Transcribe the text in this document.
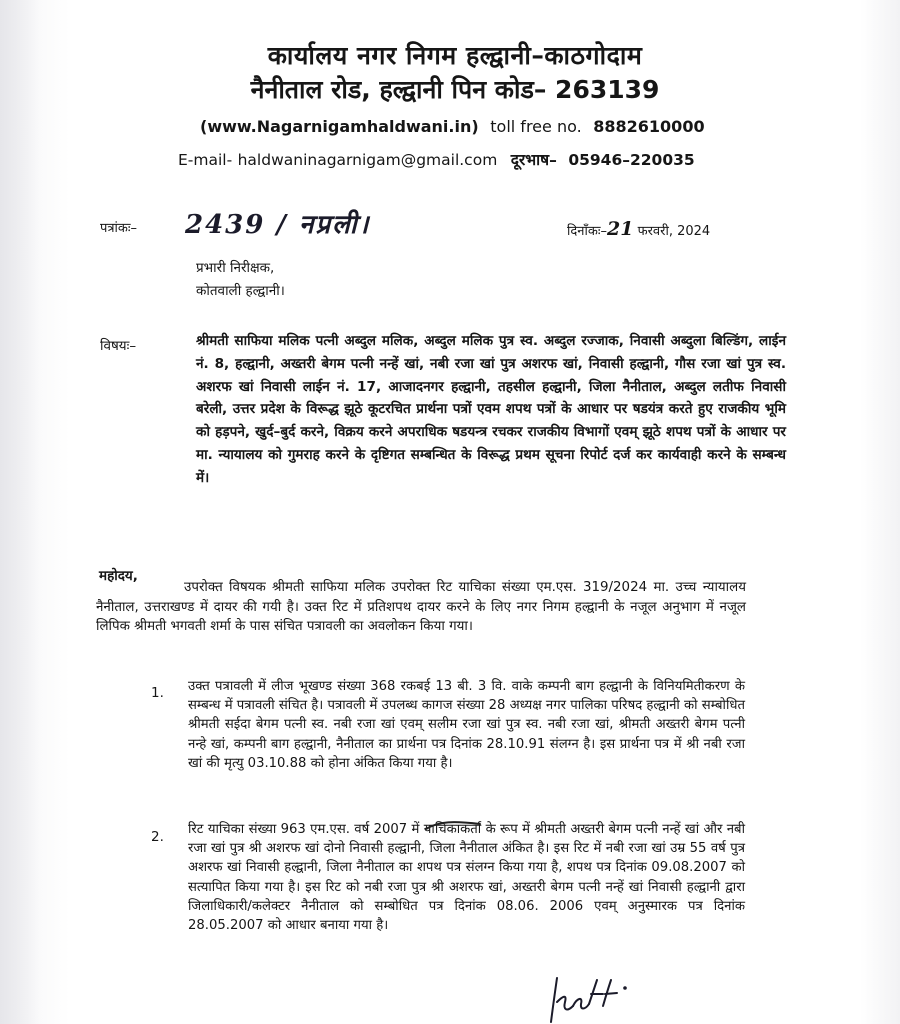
कार्यालय नगर निगम हल्द्वानी–काठगोदाम

नैनीताल रोड, हल्द्वानी पिन कोड– 263139

(www.Nagarnigamhaldwani.in) toll free no. 8882610000
E-mail- haldwaninagarnigam@gmail.com दूरभाष– 05946–220035
पत्रांकः– 2439 / नप्रली।	दिनाँकः–21 फरवरी, 2024
प्रभारी निरीक्षक,
कोतवाली हल्द्वानी।
विषयः–	श्रीमती साफिया मलिक पत्नी अब्दुल मलिक, अब्दुल मलिक पुत्र स्व. अब्दुल रज्जाक, निवासी अब्दुला बिल्डिंग, लाईन नं. 8, हल्द्वानी, अख्तरी बेगम पत्नी नन्हें खां, नबी रजा खां पुत्र अशरफ खां, निवासी हल्द्वानी, गौस रजा खां पुत्र स्व. अशरफ खां निवासी लाईन नं. 17, आजादनगर हल्द्वानी, तहसील हल्द्वानी, जिला नैनीताल, अब्दुल लतीफ निवासी बरेली, उत्तर प्रदेश के विरूद्ध झूठे कूटरचित प्रार्थना पत्रों एवम शपथ पत्रों के आधार पर षडयंत्र करते हुए राजकीय भूमि को हड़पने, खुर्द–बुर्द करने, विक्रय करने अपराधिक षडयन्त्र रचकर राजकीय विभागों एवम् झूठे शपथ पत्रों के आधार पर मा. न्यायालय को गुमराह करने के दृष्टिगत सम्बन्धित के विरूद्ध प्रथम सूचना रिपोर्ट दर्ज कर कार्यवाही करने के सम्बन्ध में।
महोदय,
उपरोक्त विषयक श्रीमती साफिया मलिक उपरोक्त रिट याचिका संख्या एम.एस. 319/2024 मा. उच्च न्यायालय नैनीताल, उत्तराखण्ड में दायर की गयी है। उक्त रिट में प्रतिशपथ दायर करने के लिए नगर निगम हल्द्वानी के नजूल अनुभाग में नजूल लिपिक श्रीमती भगवती शर्मा के पास संचित पत्रावली का अवलोकन किया गया।
1. उक्त पत्रावली में लीज भूखण्ड संख्या 368 रकबई 13 बी. 3 वि. वाके कम्पनी बाग हल्द्वानी के विनियमितीकरण के सम्बन्ध में पत्रावली संचित है। पत्रावली में उपलब्ध कागज संख्या 28 अध्यक्ष नगर पालिका परिषद हल्द्वानी को सम्बोधित श्रीमती सईदा बेगम पत्नी स्व. नबी रजा खां एवम् सलीम रजा खां पुत्र स्व. नबी रजा खां, श्रीमती अख्तरी बेगम पत्नी नन्हे खां, कम्पनी बाग हल्द्वानी, नैनीताल का प्रार्थना पत्र दिनांक 28.10.91 संलग्न है। इस प्रार्थना पत्र में श्री नबी रजा खां की मृत्यु 03.10.88 को होना अंकित किया गया है।
2. रिट याचिका संख्या 963 एम.एस. वर्ष 2007 में याचिकाकर्ता के रूप में श्रीमती अख्तरी बेगम पत्नी नन्हें खां और नबी रजा खां पुत्र श्री अशरफ खां दोनो निवासी हल्द्वानी, जिला नैनीताल अंकित है। इस रिट में नबी रजा खां उम्र 55 वर्ष पुत्र अशरफ खां निवासी हल्द्वानी, जिला नैनीताल का शपथ पत्र संलग्न किया गया है, शपथ पत्र दिनांक 09.08.2007 को सत्यापित किया गया है। इस रिट को नबी रजा पुत्र श्री अशरफ खां, अख्तरी बेगम पत्नी नन्हें खां निवासी हल्द्वानी द्वारा जिलाधिकारी/कलेक्टर नैनीताल को सम्बोधित पत्र दिनांक 08.06. 2006 एवम् अनुस्मारक पत्र दिनांक 28.05.2007 को आधार बनाया गया है।
